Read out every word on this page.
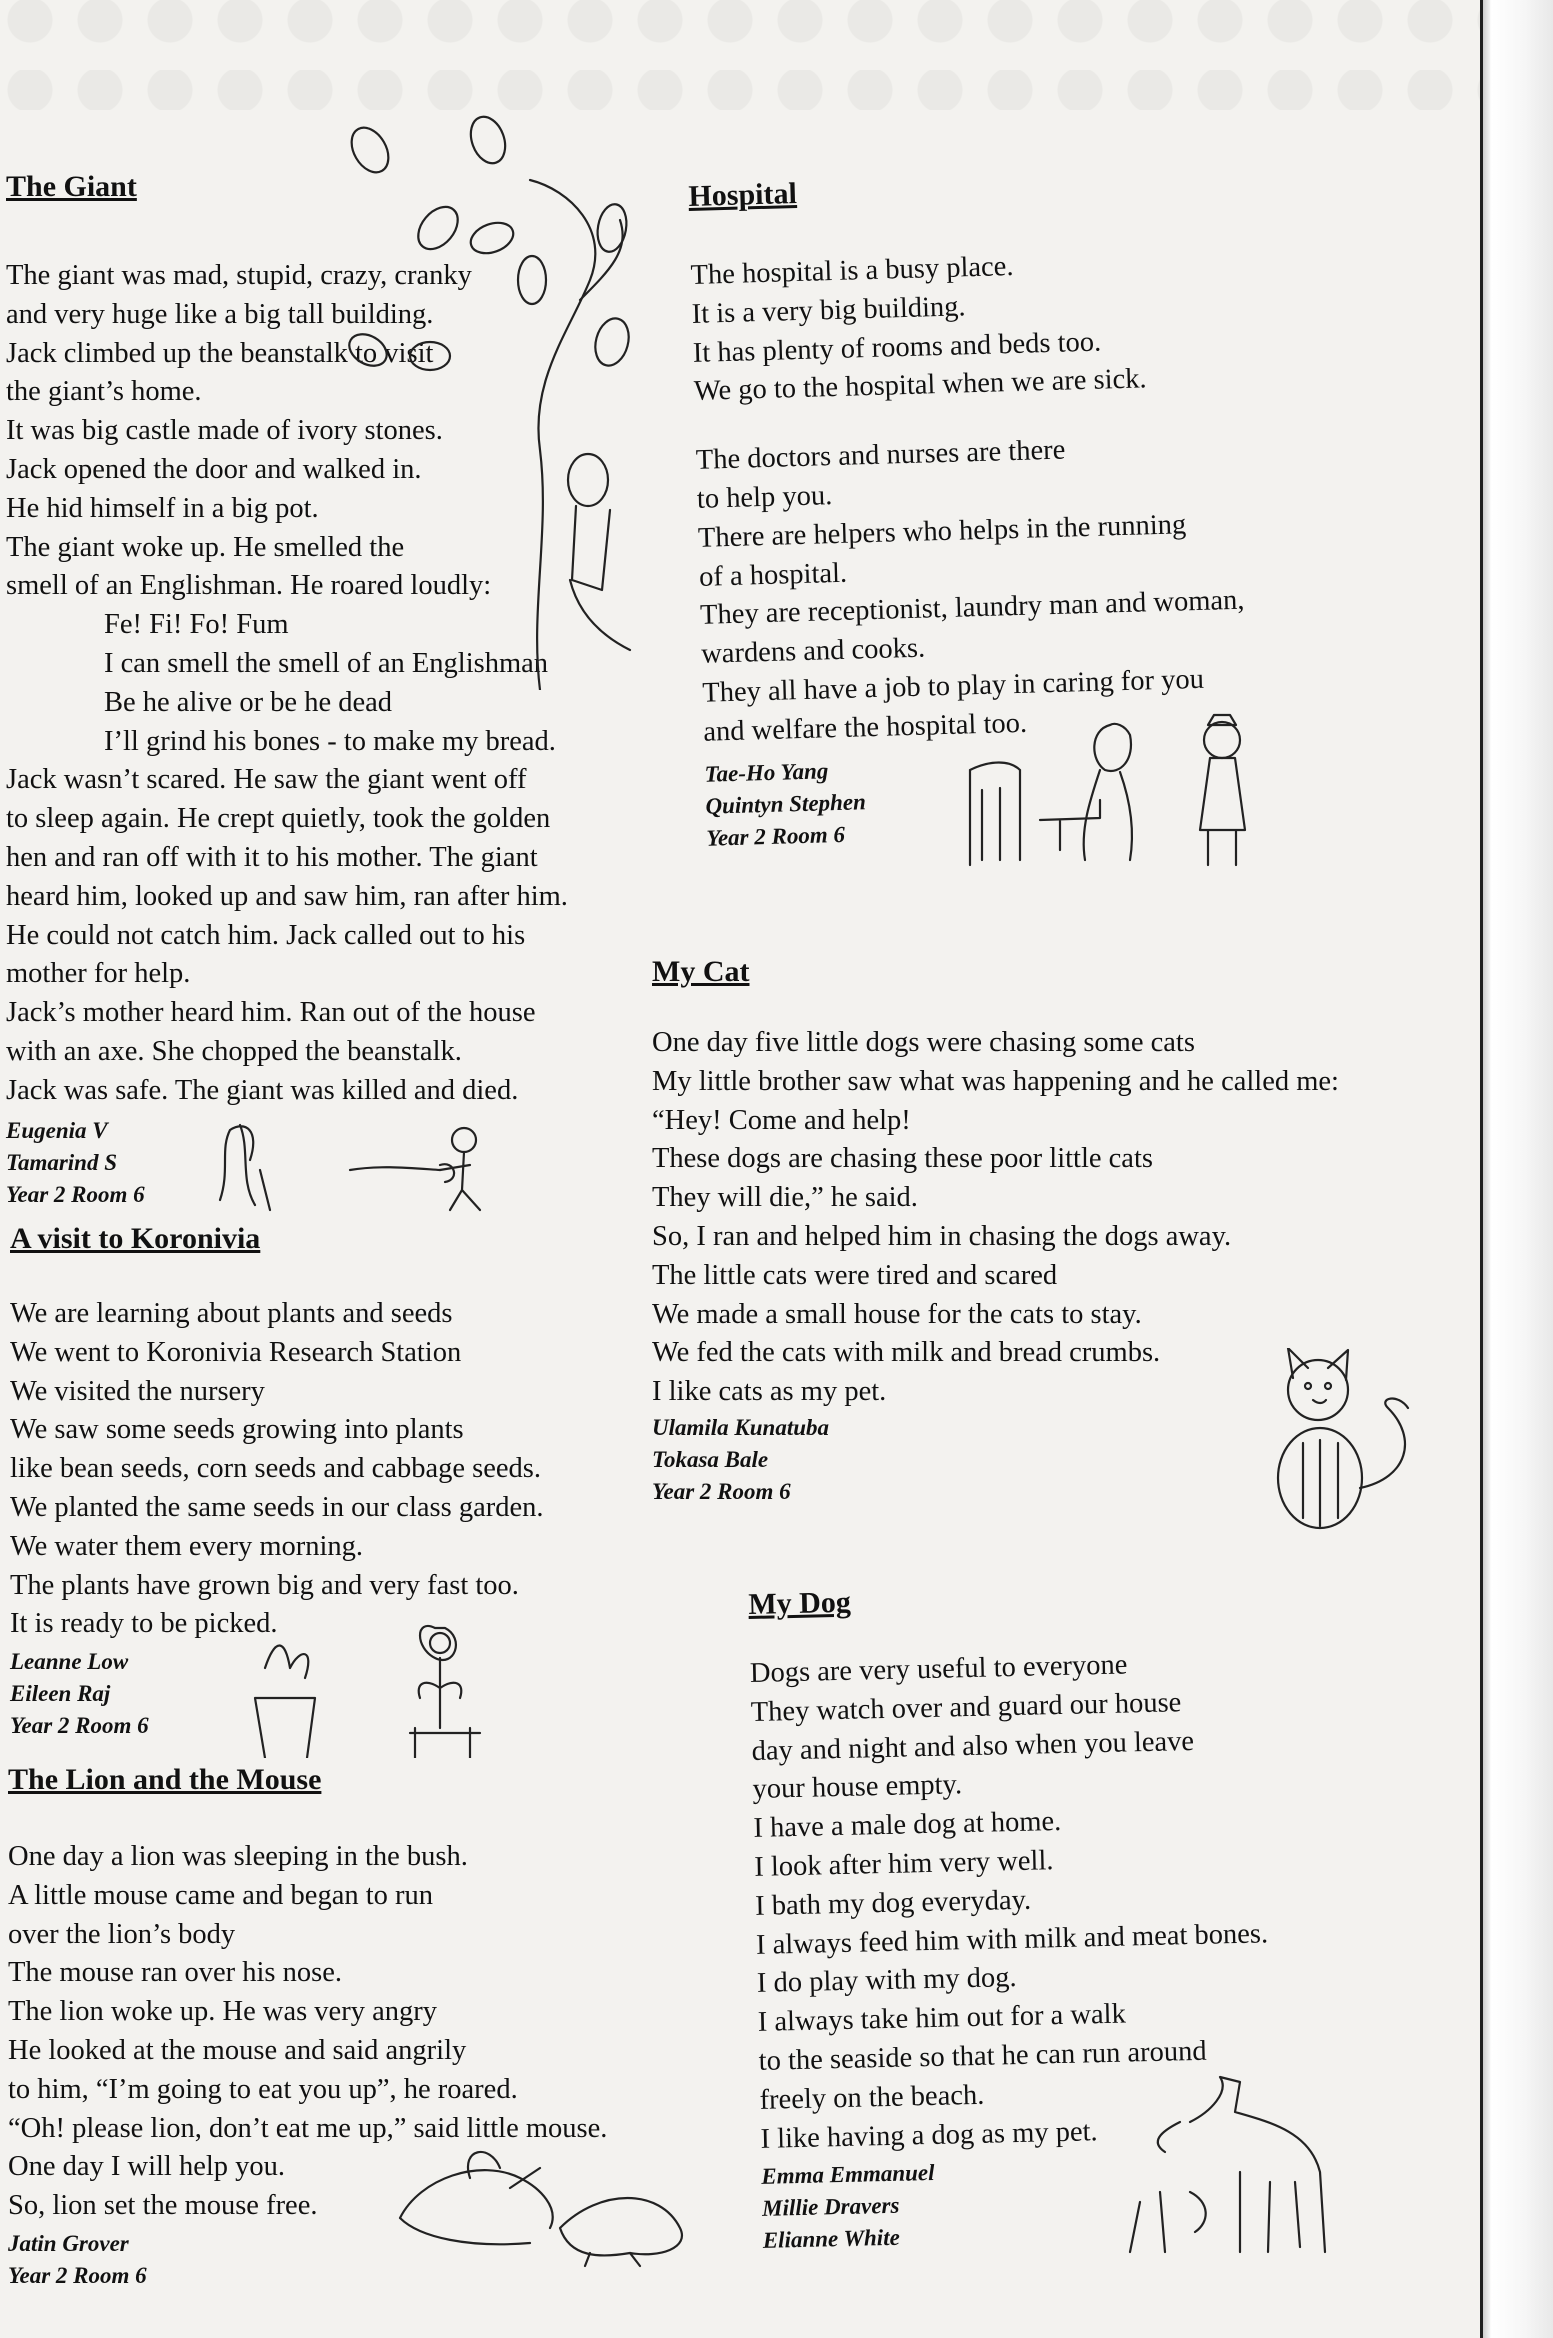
The Giant
The giant was mad, stupid, crazy, cranky
and very huge like a big tall building.
Jack climbed up the beanstalk to visit
the giant’s home.
It was big castle made of ivory stones.
Jack opened the door and walked in.
He hid himself in a big pot.
The giant woke up. He smelled the
smell of an Englishman. He roared loudly:
Fe! Fi! Fo! Fum
I can smell the smell of an Englishman
Be he alive or be he dead
I’ll grind his bones - to make my bread.
Jack wasn’t scared. He saw the giant went off
to sleep again. He crept quietly, took the golden
hen and ran off with it to his mother. The giant
heard him, looked up and saw him, ran after him.
He could not catch him. Jack called out to his
mother for help.
Jack’s mother heard him. Ran out of the house
with an axe. She chopped the beanstalk.
Jack was safe. The giant was killed and died.
Eugenia V
Tamarind S
Year 2 Room 6
A visit to Koronivia
We are learning about plants and seeds
We went to Koronivia Research Station
We visited the nursery
We saw some seeds growing into plants
like bean seeds, corn seeds and cabbage seeds.
We planted the same seeds in our class garden.
We water them every morning.
The plants have grown big and very fast too.
It is ready to be picked.
Leanne Low
Eileen Raj
Year 2 Room 6
The Lion and the Mouse
One day a lion was sleeping in the bush.
A little mouse came and began to run
over the lion’s body
The mouse ran over his nose.
The lion woke up. He was very angry
He looked at the mouse and said angrily
to him, “I’m going to eat you up”, he roared.
“Oh! please lion, don’t eat me up,” said little mouse.
One day I will help you.
So, lion set the mouse free.
Jatin Grover
Year 2 Room 6
Hospital
The hospital is a busy place.
It is a very big building.
It has plenty of rooms and beds too.
We go to the hospital when we are sick.
The doctors and nurses are there
to help you.
There are helpers who helps in the running
of a hospital.
They are receptionist, laundry man and woman,
wardens and cooks.
They all have a job to play in caring for you
and welfare the hospital too.
Tae-Ho Yang
Quintyn Stephen
Year 2 Room 6
My Cat
One day five little dogs were chasing some cats
My little brother saw what was happening and he called me:
“Hey! Come and help!
These dogs are chasing these poor little cats
They will die,” he said.
So, I ran and helped him in chasing the dogs away.
The little cats were tired and scared
We made a small house for the cats to stay.
We fed the cats with milk and bread crumbs.
I like cats as my pet.
Ulamila Kunatuba
Tokasa Bale
Year 2 Room 6
My Dog
Dogs are very useful to everyone
They watch over and guard our house
day and night and also when you leave
your house empty.
I have a male dog at home.
I look after him very well.
I bath my dog everyday.
I always feed him with milk and meat bones.
I do play with my dog.
I always take him out for a walk
to the seaside so that he can run around
freely on the beach.
I like having a dog as my pet.
Emma Emmanuel
Millie Dravers
Elianne White
